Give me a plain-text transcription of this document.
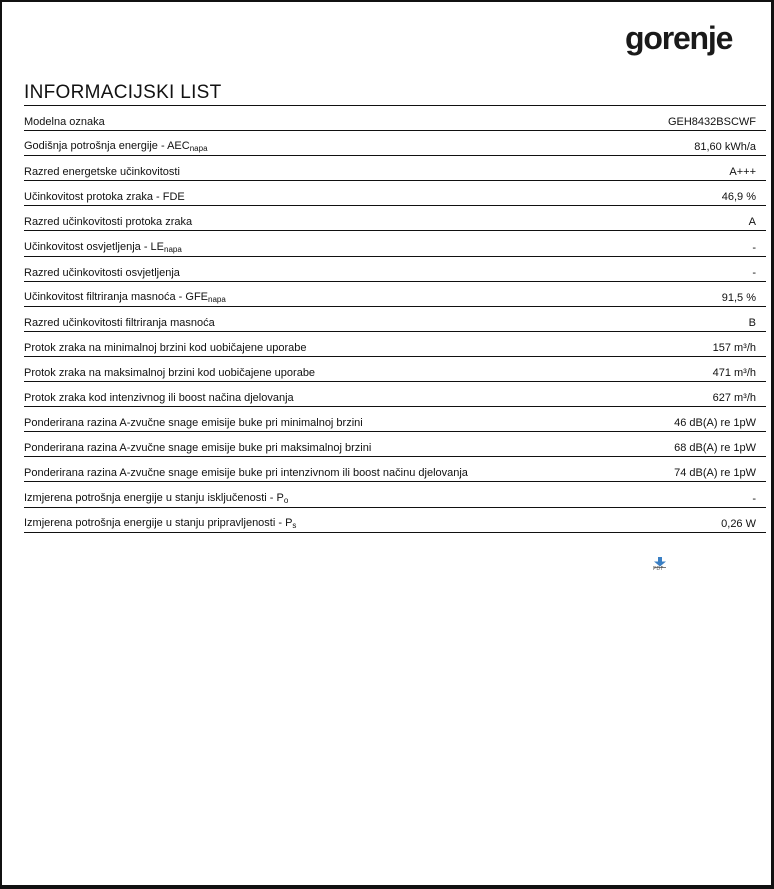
gorenje
INFORMACIJSKI LIST
Modelna oznaka	GEH8432BSCWF
Godišnja potrošnja energije - $AEC_{napa}$	81,60 kWh/a
Razred energetske učinkovitosti	A+++
Učinkovitost protoka zraka - FDE	46,9 %
Razred učinkovitosti protoka zraka	A
Učinkovitost osvjetljenja - $LE_{napa}$	-
Razred učinkovitosti osvjetljenja	-
Učinkovitost filtriranja masnoća - $GFE_{napa}$	91,5 %
Razred učinkovitosti filtriranja masnoća	B
Protok zraka na minimalnoj brzini kod uobičajene uporabe	157 m³/h
Protok zraka na maksimalnoj brzini kod uobičajene uporabe	471 m³/h
Protok zraka kod intenzivnog ili boost načina djelovanja	627 m³/h
Ponderirana razina A-zvučne snage emisije buke pri minimalnoj brzini	46 dB(A) re 1pW
Ponderirana razina A-zvučne snage emisije buke pri maksimalnoj brzini	68 dB(A) re 1pW
Ponderirana razina A-zvučne snage emisije buke pri intenzivnom ili boost načinu djelovanja	74 dB(A) re 1pW
Izmjerena potrošnja energije u stanju isključenosti - $P_o$	-
Izmjerena potrošnja energije u stanju pripravljenosti - $P_s$	0,26 W
PDF
